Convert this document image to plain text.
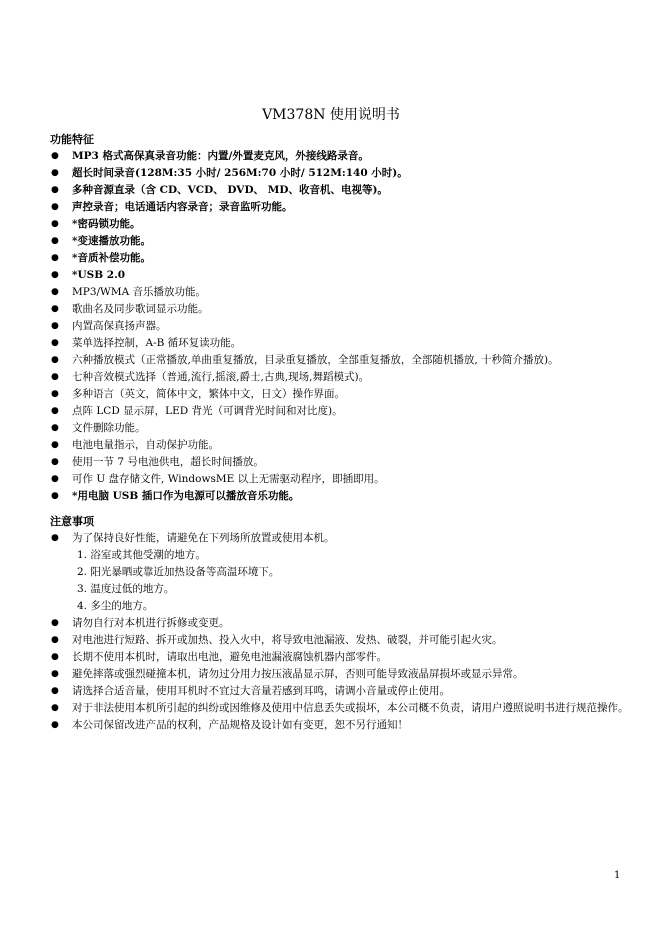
VM378N 使用说明书
功能特征
● MP3 格式高保真录音功能：内置/外置麦克风，外接线路录音。
● 超长时间录音(128M:35 小时/ 256M:70 小时/ 512M:140 小时)。
● 多种音源直录（含 CD、VCD、 DVD、 MD、收音机、电视等)。
● 声控录音；电话通话内容录音；录音监听功能。
● *密码锁功能。
● *变速播放功能。
● *音质补偿功能。
● *USB 2.0
● MP3/WMA 音乐播放功能。
● 歌曲名及同步歌词显示功能。
● 内置高保真扬声器。
● 菜单选择控制，A-B 循环复读功能。
● 六种播放模式（正常播放,单曲重复播放，目录重复播放，全部重复播放，全部随机播放, 十秒简介播放)。
● 七种音效模式选择（普通,流行,摇滚,爵士,古典,现场,舞蹈模式)。
● 多种语言（英文，简体中文，繁体中文，日文）操作界面。
● 点阵 LCD 显示屏，LED 背光（可调背光时间和对比度)。
● 文件删除功能。
● 电池电量指示，自动保护功能。
● 使用一节 7 号电池供电，超长时间播放。
● 可作 U 盘存储文件, WindowsME 以上无需驱动程序，即插即用。
● *用电脑 USB 插口作为电源可以播放音乐功能。
注意事项
● 为了保持良好性能，请避免在下列场所放置或使用本机。
1. 浴室或其他受潮的地方。
2. 阳光暴晒或靠近加热设备等高温环境下。
3. 温度过低的地方。
4. 多尘的地方。
● 请勿自行对本机进行拆修或变更。
● 对电池进行短路、拆开或加热、投入火中，将导致电池漏液、发热、破裂，并可能引起火灾。
● 长期不使用本机时，请取出电池，避免电池漏液腐蚀机器内部零件。
● 避免摔落或强烈碰撞本机，请勿过分用力按压液晶显示屏，否则可能导致液晶屏损坏或显示异常。
● 请选择合适音量，使用耳机时不宜过大音量若感到耳鸣，请调小音量或停止使用。
● 对于非法使用本机所引起的纠纷或因维修及使用中信息丢失或损坏，本公司概不负责，请用户遵照说明书进行规范操作。
● 本公司保留改进产品的权利，产品规格及设计如有变更，恕不另行通知！
1
